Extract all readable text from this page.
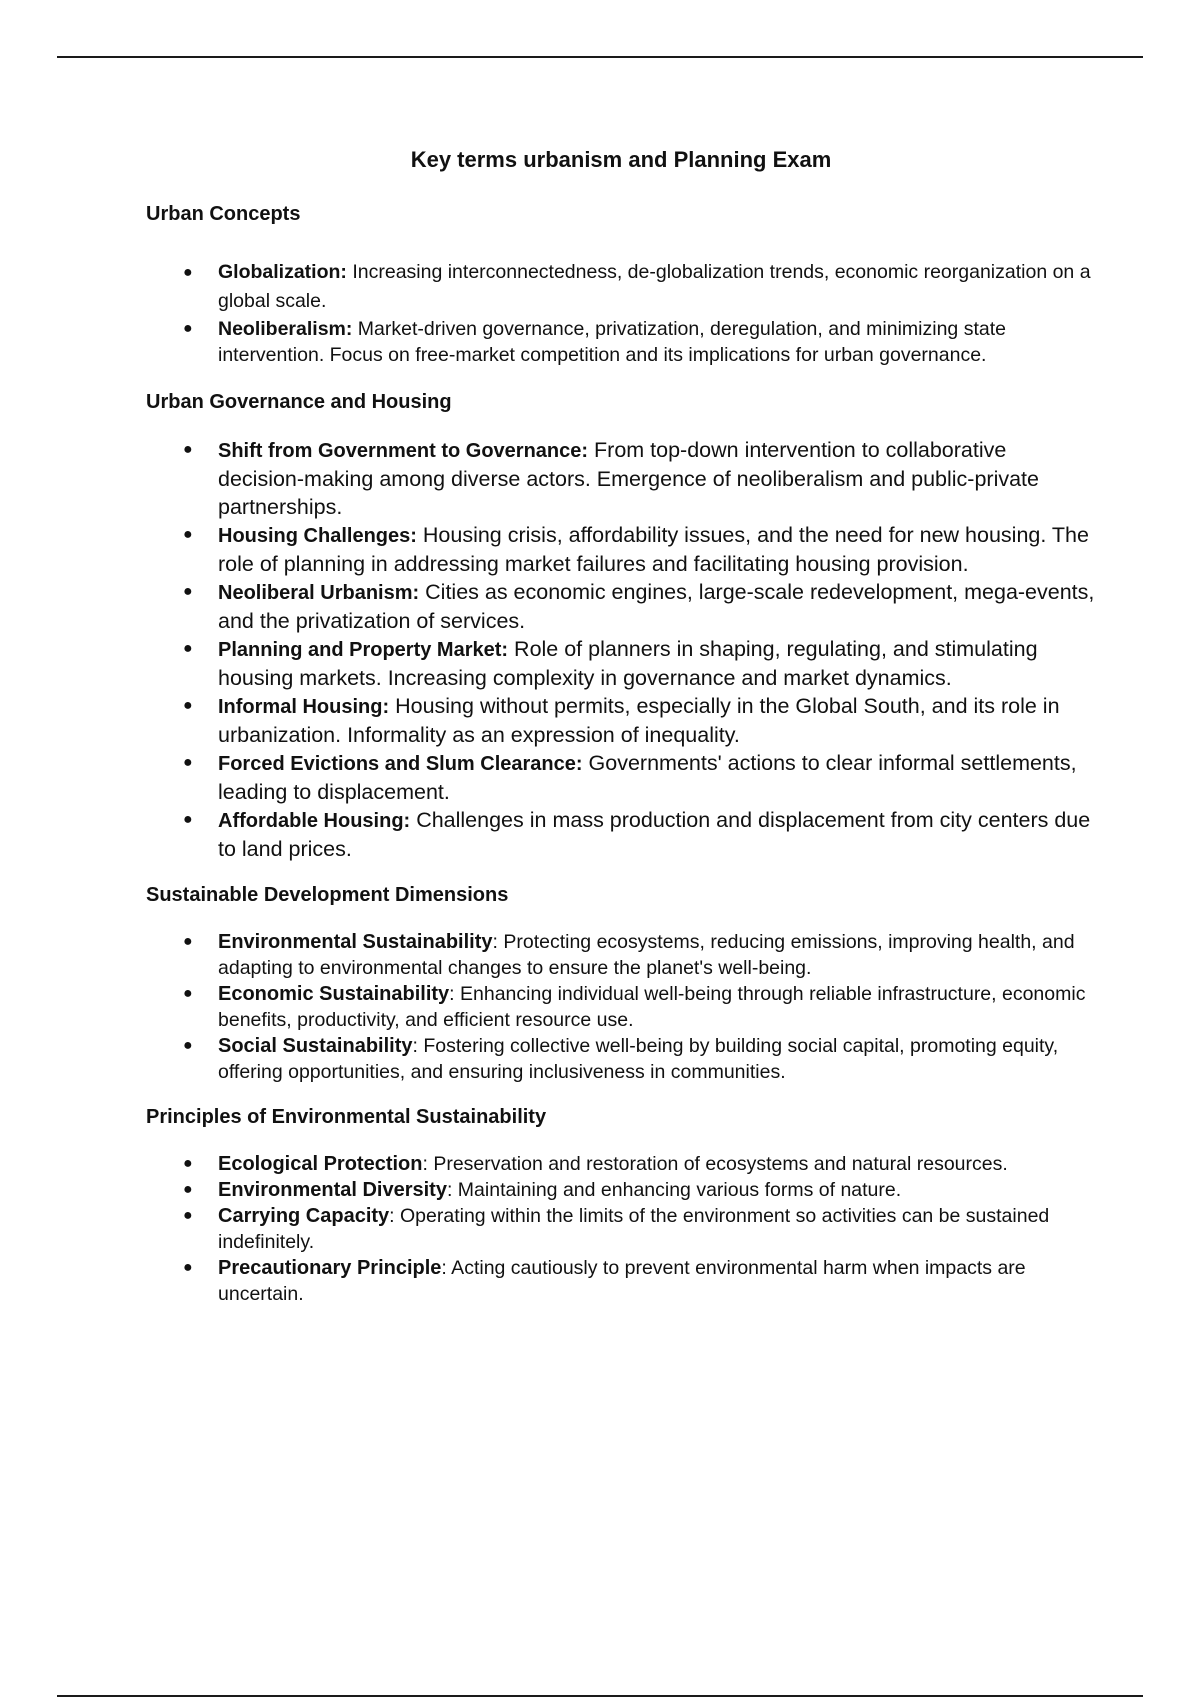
Key terms urbanism and Planning Exam
Urban Concepts
● Globalization: Increasing interconnectedness, de-globalization trends, economic reorganization on a global scale.
● Neoliberalism: Market-driven governance, privatization, deregulation, and minimizing state intervention. Focus on free-market competition and its implications for urban governance.
Urban Governance and Housing
● Shift from Government to Governance: From top-down intervention to collaborative decision-making among diverse actors. Emergence of neoliberalism and public-private partnerships.
● Housing Challenges: Housing crisis, affordability issues, and the need for new housing. The role of planning in addressing market failures and facilitating housing provision.
● Neoliberal Urbanism: Cities as economic engines, large-scale redevelopment, mega-events, and the privatization of services.
● Planning and Property Market: Role of planners in shaping, regulating, and stimulating housing markets. Increasing complexity in governance and market dynamics.
● Informal Housing: Housing without permits, especially in the Global South, and its role in urbanization. Informality as an expression of inequality.
● Forced Evictions and Slum Clearance: Governments' actions to clear informal settlements, leading to displacement.
● Affordable Housing: Challenges in mass production and displacement from city centers due to land prices.
Sustainable Development Dimensions
● Environmental Sustainability: Protecting ecosystems, reducing emissions, improving health, and adapting to environmental changes to ensure the planet's well-being.
● Economic Sustainability: Enhancing individual well-being through reliable infrastructure, economic benefits, productivity, and efficient resource use.
● Social Sustainability: Fostering collective well-being by building social capital, promoting equity, offering opportunities, and ensuring inclusiveness in communities.
Principles of Environmental Sustainability
● Ecological Protection: Preservation and restoration of ecosystems and natural resources.
● Environmental Diversity: Maintaining and enhancing various forms of nature.
● Carrying Capacity: Operating within the limits of the environment so activities can be sustained indefinitely.
● Precautionary Principle: Acting cautiously to prevent environmental harm when impacts are uncertain.
